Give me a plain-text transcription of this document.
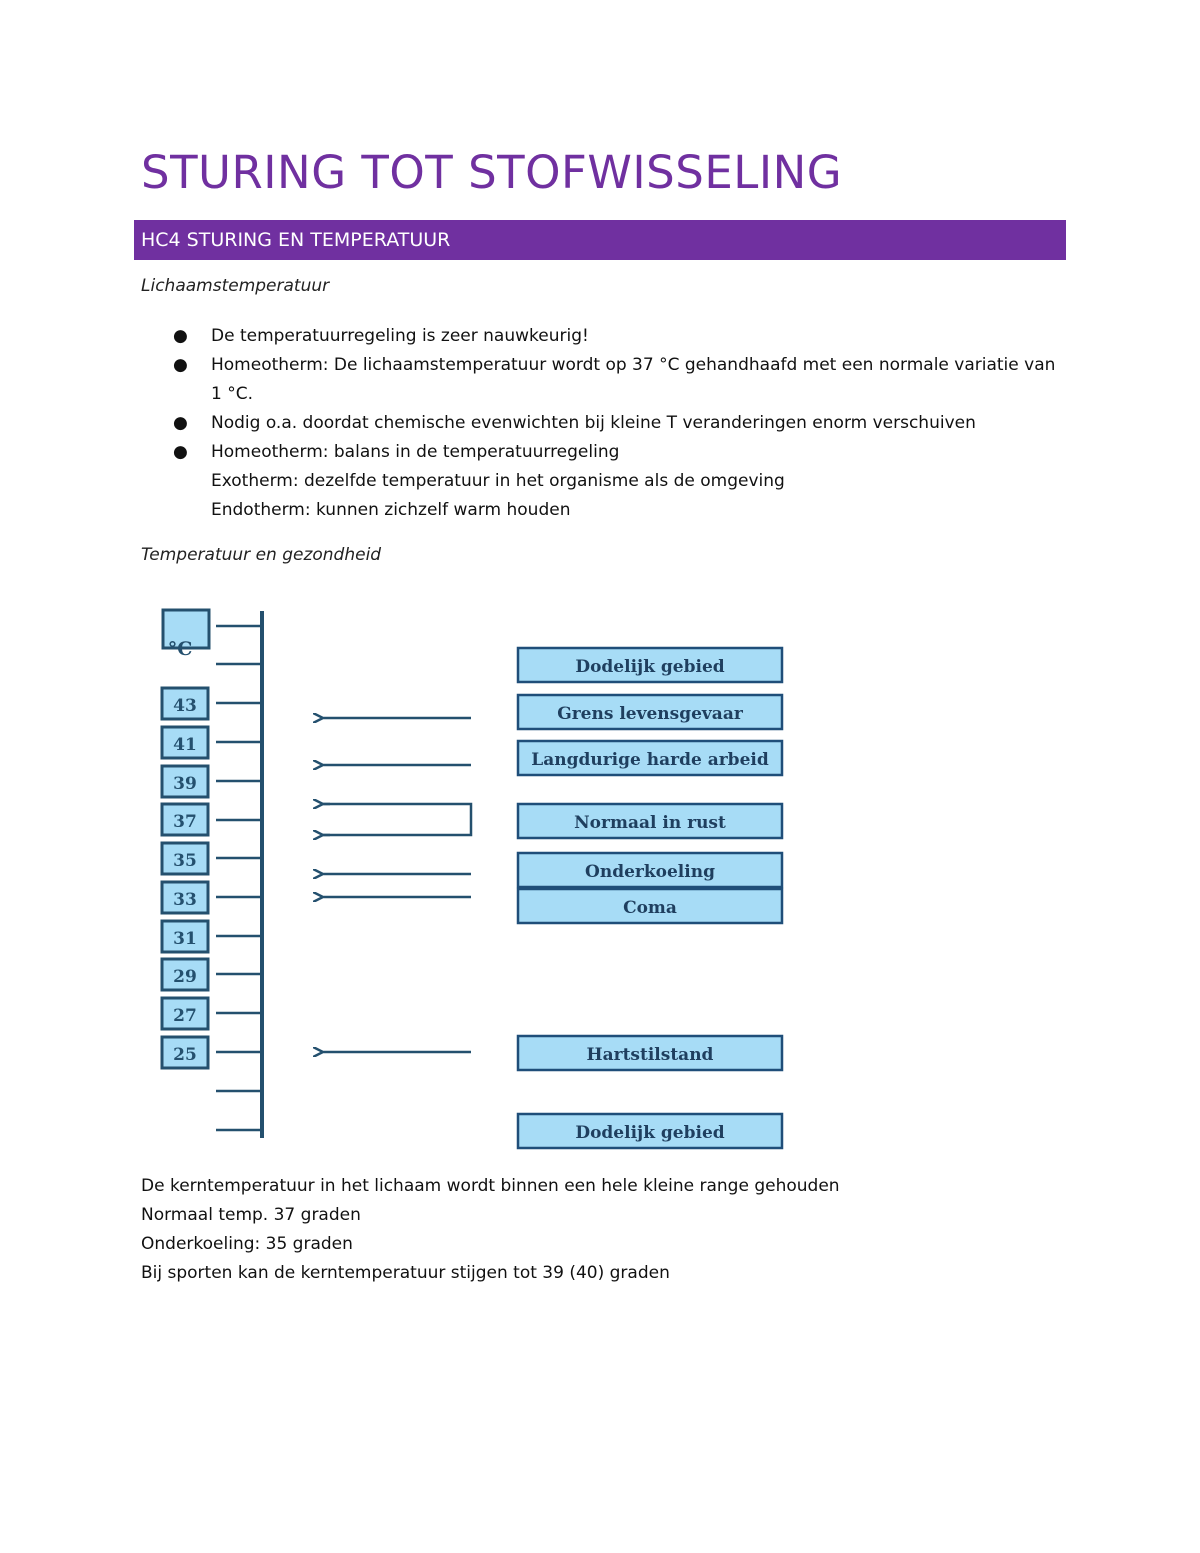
STURING TOT STOFWISSELING
HC4 STURING EN TEMPERATUUR
Lichaamstemperatuur
● De temperatuurregeling is zeer nauwkeurig!
● Homeotherm: De lichaamstemperatuur wordt op 37 °C gehandhaafd met een normale variatie van 1 °C.
● Nodig o.a. doordat chemische evenwichten bij kleine T veranderingen enorm verschuiven
● Homeotherm: balans in de temperatuurregeling
Exotherm: dezelfde temperatuur in het organisme als de omgeving
Endotherm: kunnen zichzelf warm houden
Temperatuur en gezondheid
°C
43
41
39
37
35
33
31
29
27
25
Dodelijk gebied
Grens levensgevaar
Langdurige harde arbeid
Normaal in rust
Onderkoeling
Coma
Hartstilstand
Dodelijk gebied
De kerntemperatuur in het lichaam wordt binnen een hele kleine range gehouden
Normaal temp. 37 graden
Onderkoeling: 35 graden
Bij sporten kan de kerntemperatuur stijgen tot 39 (40) graden
